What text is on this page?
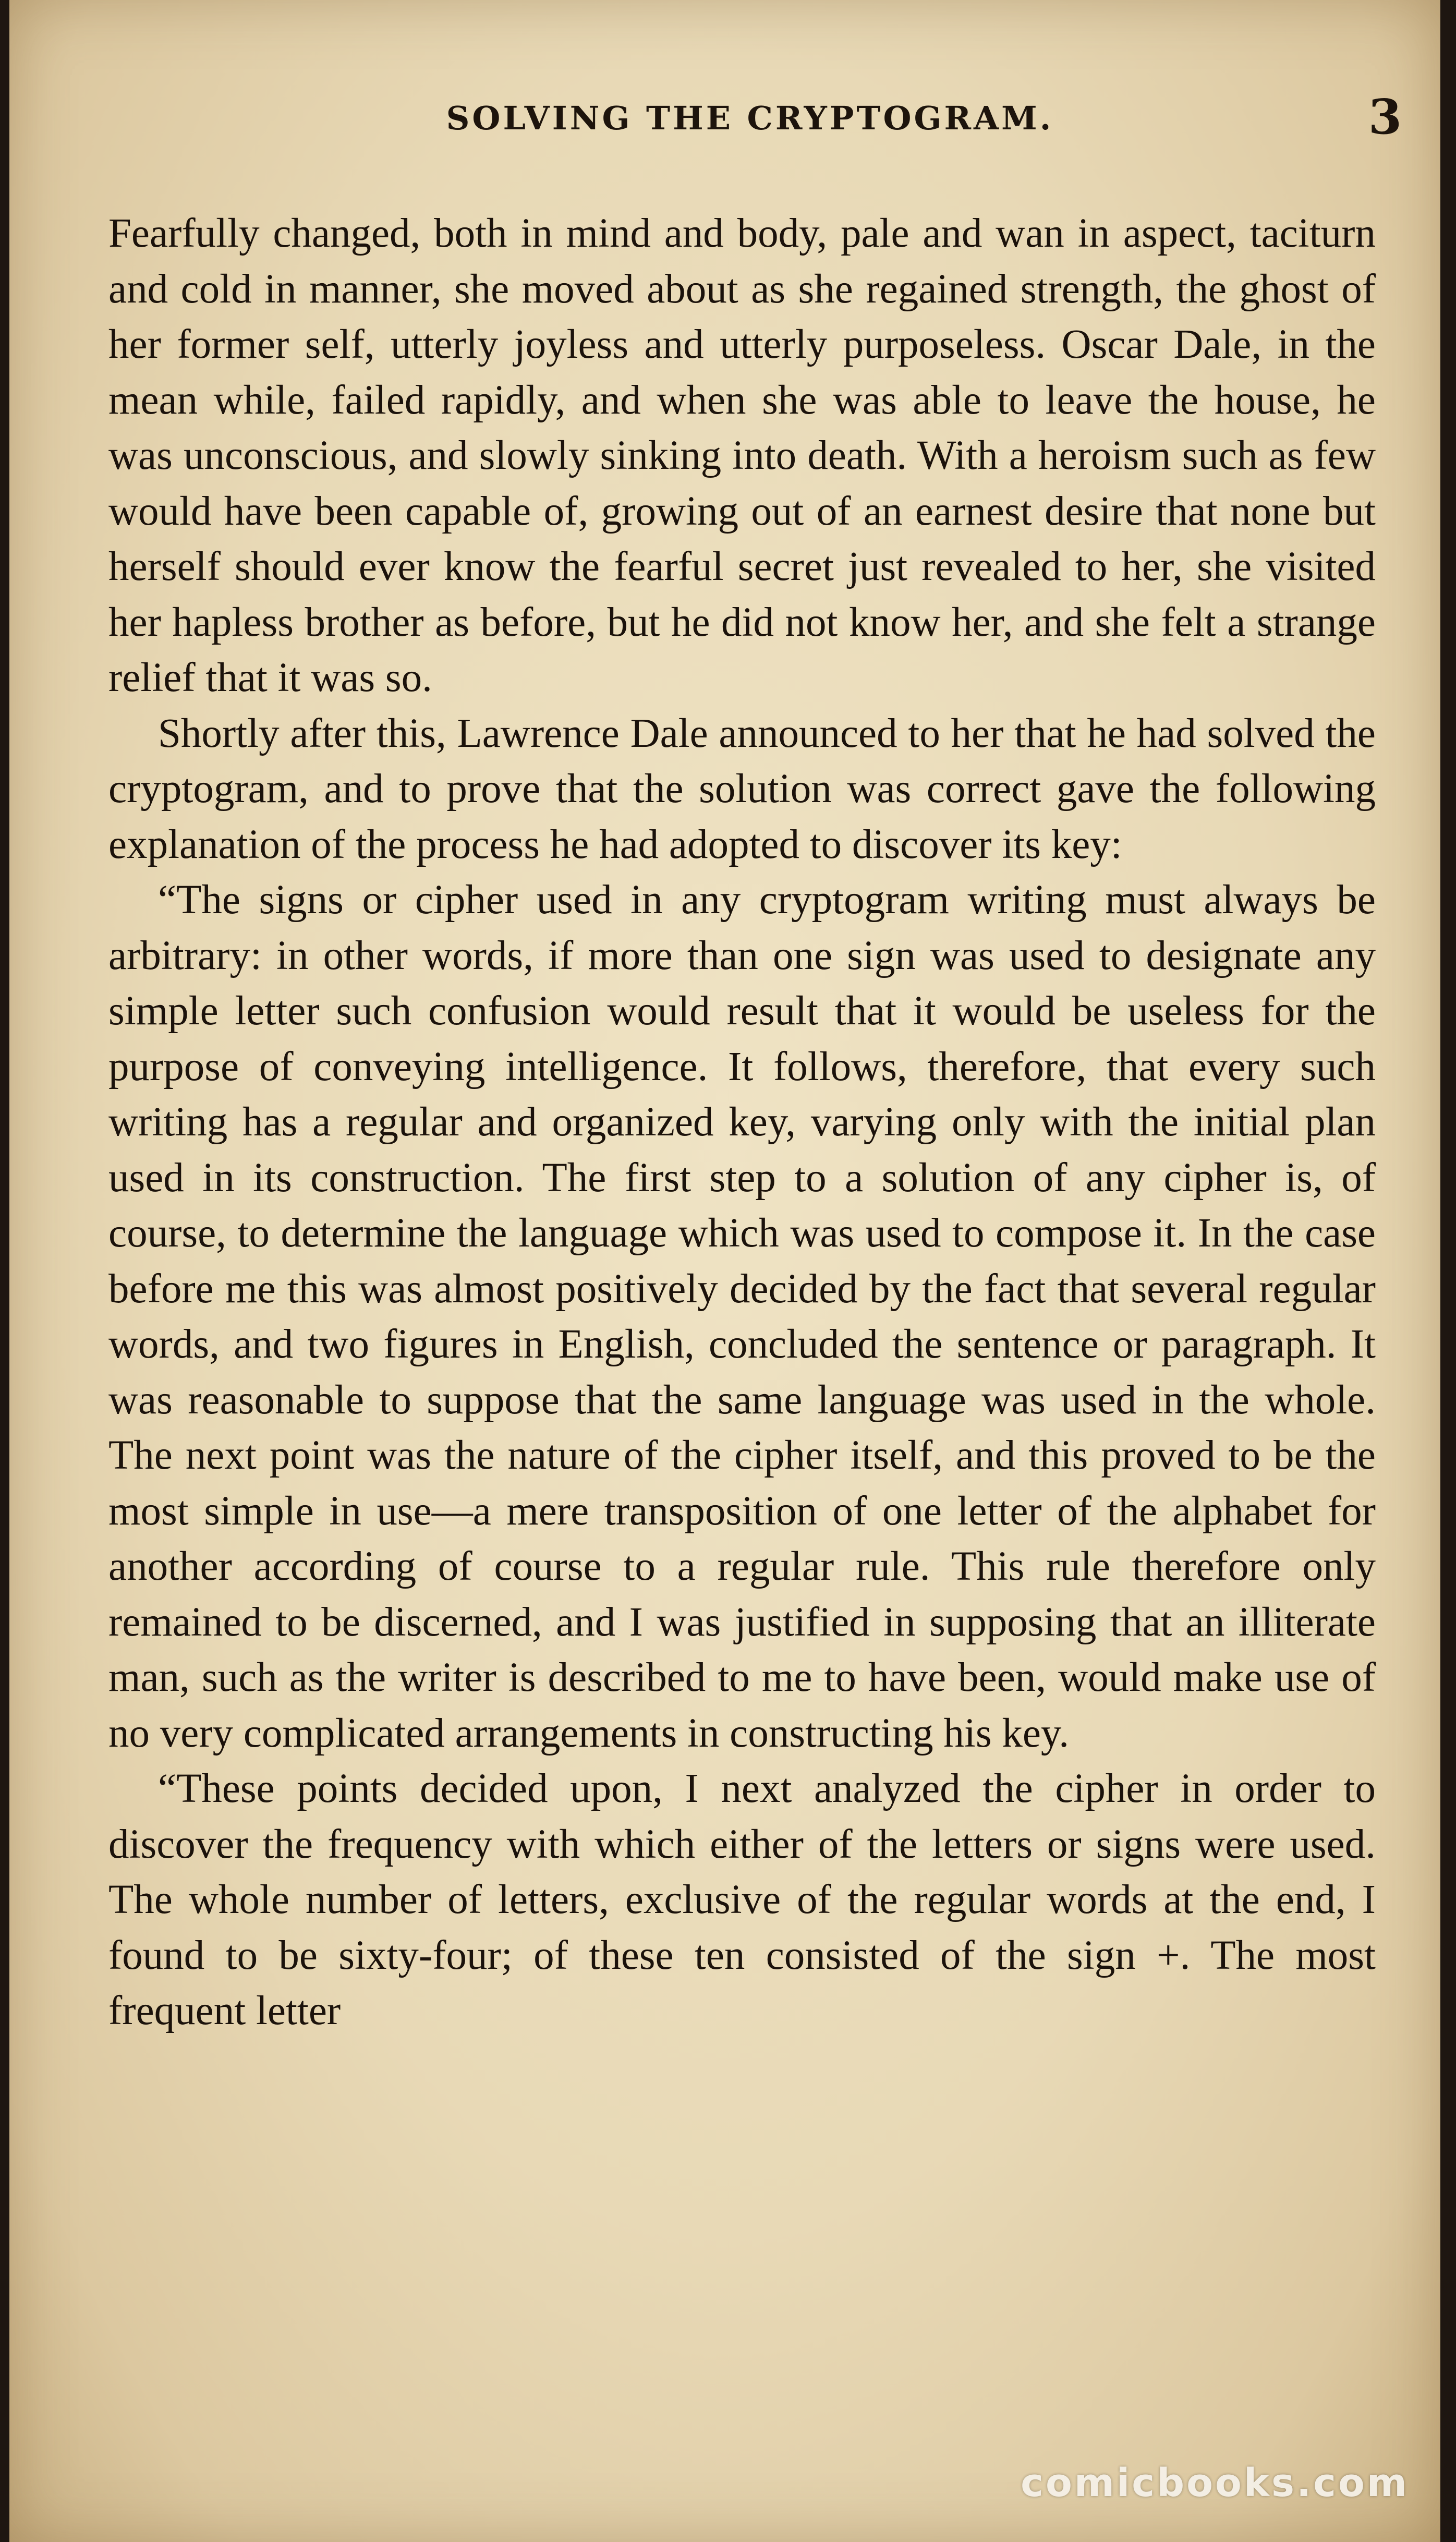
SOLVING THE CRYPTOGRAM.	3

Fearfully changed, both in mind and body, pale and wan in aspect, taciturn and cold in manner, she moved about as she regained strength, the ghost of her former self, utterly joyless and utterly purposeless. Oscar Dale, in the mean while, failed rapidly, and when she was able to leave the house, he was unconscious, and slowly sinking into death. With a heroism such as few would have been capable of, growing out of an earnest desire that none but herself should ever know the fearful secret just revealed to her, she visited her hapless brother as before, but he did not know her, and she felt a strange relief that it was so.

Shortly after this, Lawrence Dale announced to her that he had solved the cryptogram, and to prove that the solution was correct gave the following explanation of the process he had adopted to discover its key:

“The signs or cipher used in any cryptogram writing must always be arbitrary: in other words, if more than one sign was used to designate any simple letter such confusion would result that it would be useless for the purpose of conveying intelligence. It follows, therefore, that every such writing has a regular and organized key, varying only with the initial plan used in its construction. The first step to a solution of any cipher is, of course, to determine the language which was used to compose it. In the case before me this was almost positively decided by the fact that several regular words, and two figures in English, concluded the sentence or paragraph. It was reasonable to suppose that the same language was used in the whole. The next point was the nature of the cipher itself, and this proved to be the most simple in use—a mere transposition of one letter of the alphabet for another according of course to a regular rule. This rule therefore only remained to be discerned, and I was justified in supposing that an illiterate man, such as the writer is described to me to have been, would make use of no very complicated arrangements in constructing his key.

“These points decided upon, I next analyzed the cipher in order to discover the frequency with which either of the letters or signs were used. The whole number of letters, exclusive of the regular words at the end, I found to be sixty-four; of these ten consisted of the sign +. The most frequent letter

comicbooks.com
